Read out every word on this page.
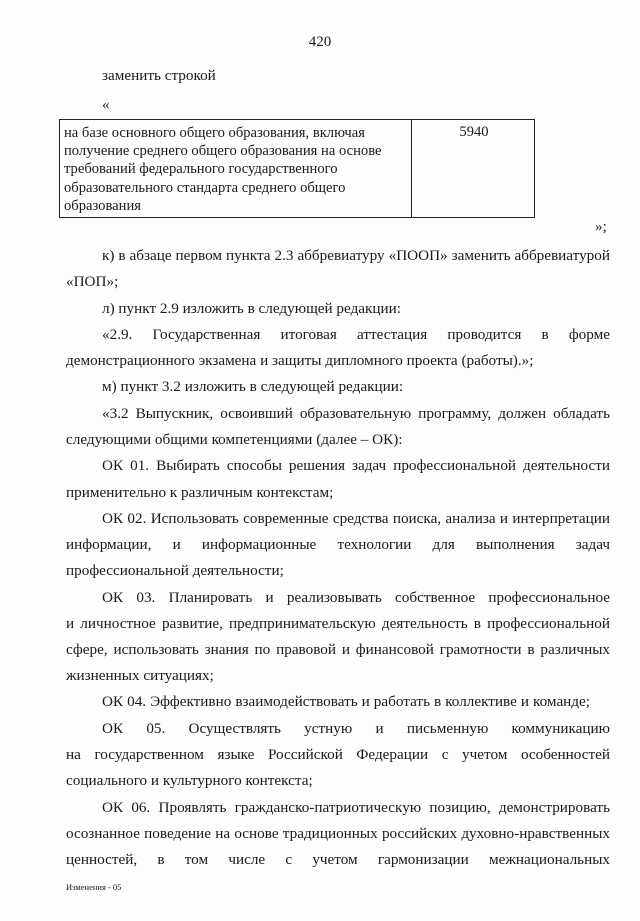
420
заменить строкой
«
на базе основного общего образования, включая получение среднего общего образования на основе требований федерального государственного образовательного стандарта среднего общего образования
5940
»;
к) в абзаце первом пункта 2.3 аббревиатуру «ПООП» заменить аббревиатурой
«ПОП»;
л) пункт 2.9 изложить в следующей редакции:
«2.9. Государственная итоговая аттестация проводится в форме
демонстрационного экзамена и защиты дипломного проекта (работы).»;
м) пункт 3.2 изложить в следующей редакции:
«3.2 Выпускник, освоивший образовательную программу, должен обладать
следующими общими компетенциями (далее – ОК):
ОК 01. Выбирать способы решения задач профессиональной деятельности
применительно к различным контекстам;
ОК 02. Использовать современные средства поиска, анализа и интерпретации
информации, и информационные технологии для выполнения задач
профессиональной деятельности;
ОК 03. Планировать и реализовывать собственное профессиональное
и личностное развитие, предпринимательскую деятельность в профессиональной
сфере, использовать знания по правовой и финансовой грамотности в различных
жизненных ситуациях;
ОК 04. Эффективно взаимодействовать и работать в коллективе и команде;
ОК 05. Осуществлять устную и письменную коммуникацию
на государственном языке Российской Федерации с учетом особенностей
социального и культурного контекста;
ОК 06. Проявлять гражданско-патриотическую позицию, демонстрировать
осознанное поведение на основе традиционных российских духовно-нравственных
ценностей, в том числе с учетом гармонизации межнациональных
Изменения - 05
